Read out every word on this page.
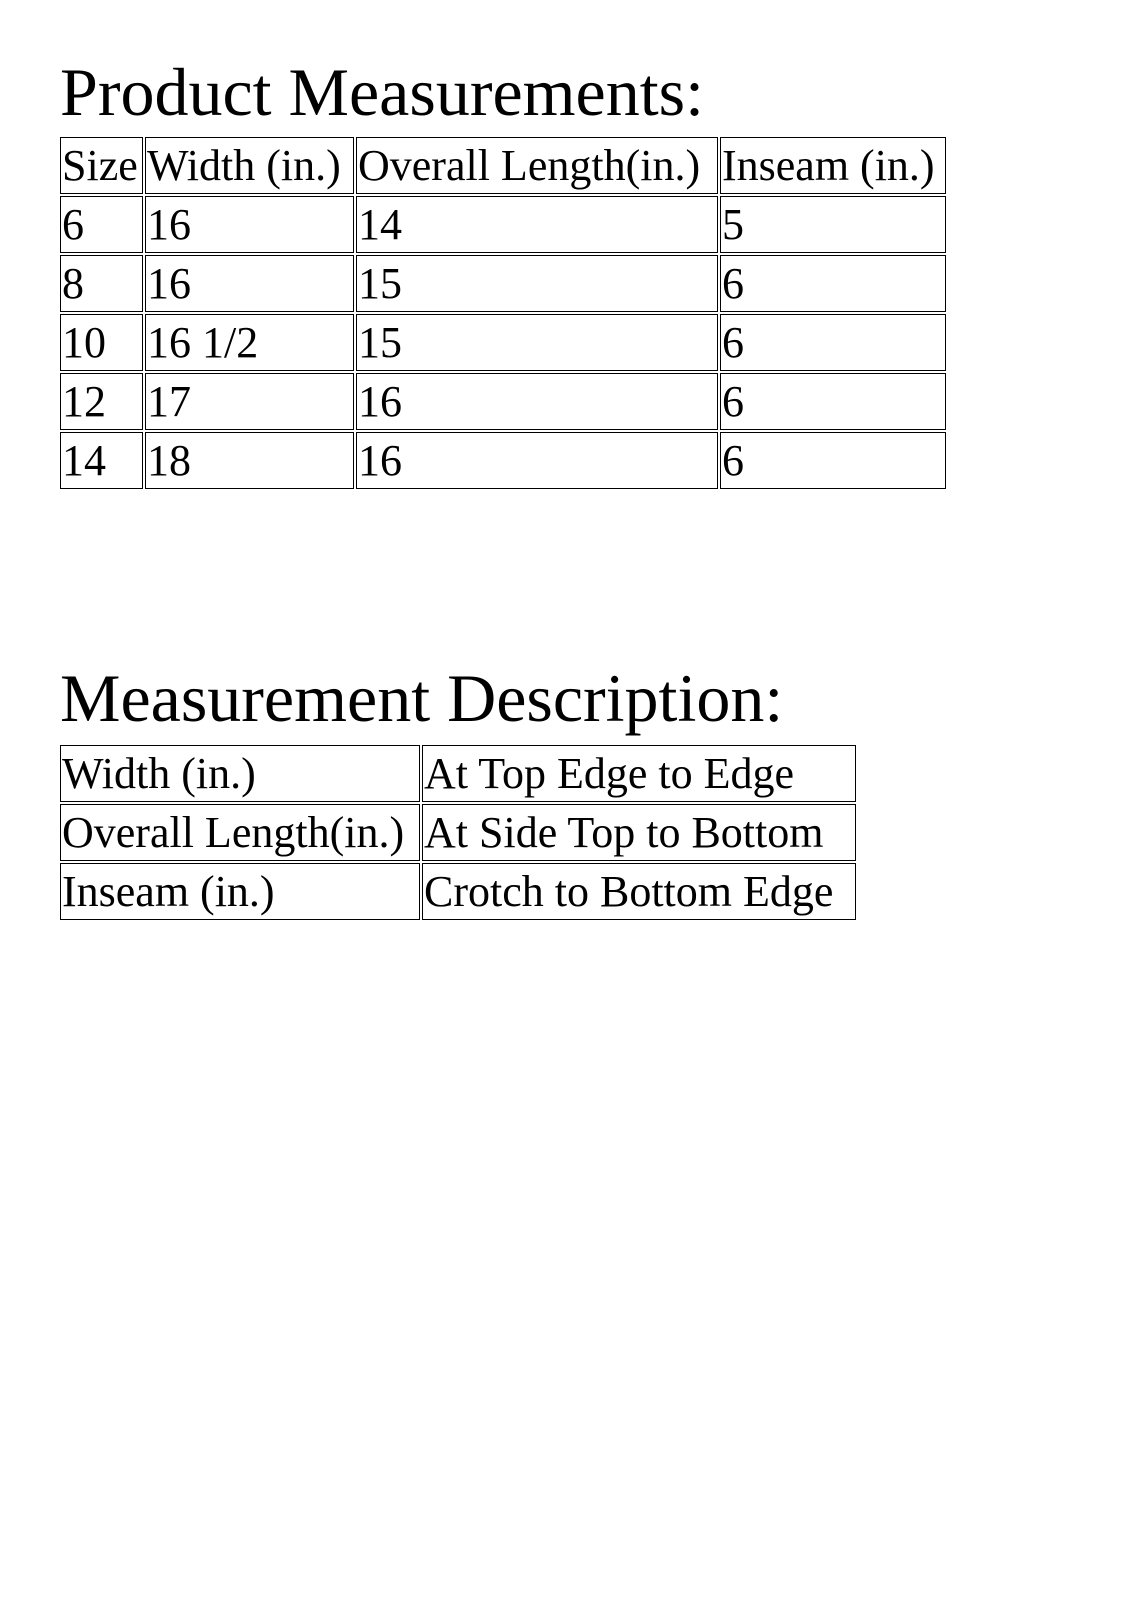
Product Measurements:
Size	Width (in.)	Overall Length(in.)	Inseam (in.)
6	16	14	5
8	16	15	6
10	16 1/2	15	6
12	17	16	6
14	18	16	6
Measurement Description:
Width (in.)	At Top Edge to Edge
Overall Length(in.)	At Side Top to Bottom
Inseam (in.)	Crotch to Bottom Edge
